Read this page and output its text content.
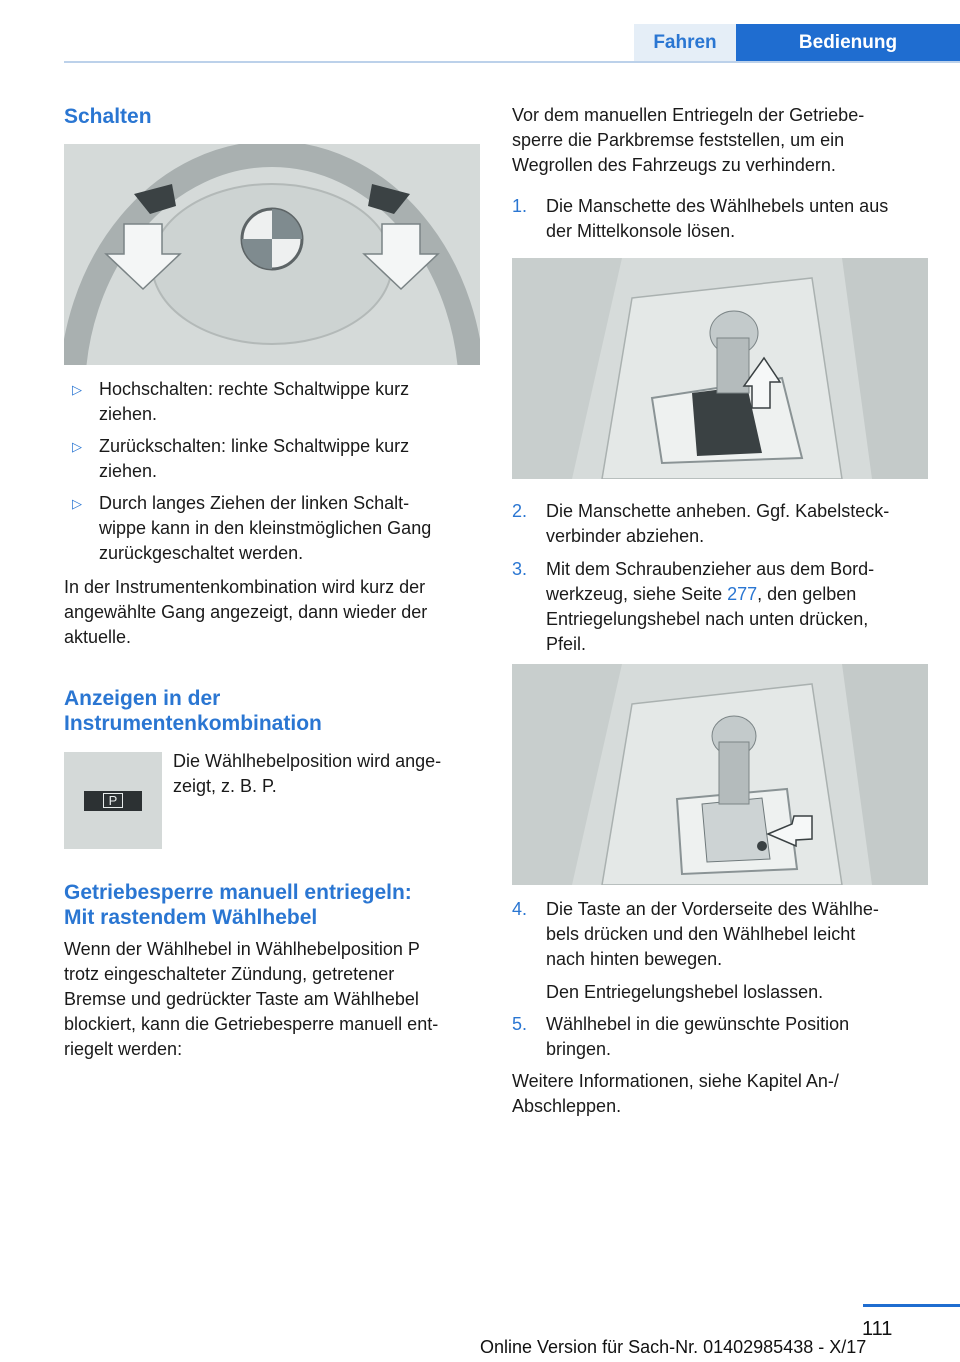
Fahren	Bedienung
Schalten
▷ Hochschalten: rechte Schaltwippe kurz
ziehen.
▷ Zurückschalten: linke Schaltwippe kurz
ziehen.
▷ Durch langes Ziehen der linken Schalt‐
wippe kann in den kleinstmöglichen Gang
zurückgeschaltet werden.
In der Instrumentenkombination wird kurz der
angewählte Gang angezeigt, dann wieder der
aktuelle.
Anzeigen in der
Instrumentenkombination
P
Die Wählhebelposition wird ange‐
zeigt, z. B. P.
Getriebesperre manuell entriegeln:
Mit rastendem Wählhebel
Wenn der Wählhebel in Wählhebelposition P
trotz eingeschalteter Zündung, getretener
Bremse und gedrückter Taste am Wählhebel
blockiert, kann die Getriebesperre manuell ent‐
riegelt werden:
Vor dem manuellen Entriegeln der Getriebe‐
sperre die Parkbremse feststellen, um ein
Wegrollen des Fahrzeugs zu verhindern.
1. Die Manschette des Wählhebels unten aus
der Mittelkonsole lösen.
2. Die Manschette anheben. Ggf. Kabelsteck‐
verbinder abziehen.
3. Mit dem Schraubenzieher aus dem Bord‐
werkzeug, siehe Seite 277, den gelben
Entriegelungshebel nach unten drücken,
Pfeil.
4. Die Taste an der Vorderseite des Wählhe‐
bels drücken und den Wählhebel leicht
nach hinten bewegen.
Den Entriegelungshebel loslassen.
5. Wählhebel in die gewünschte Position
bringen.
Weitere Informationen, siehe Kapitel An-/
Abschleppen.
111
Online Version für Sach-Nr. 01402985438 - X/17
